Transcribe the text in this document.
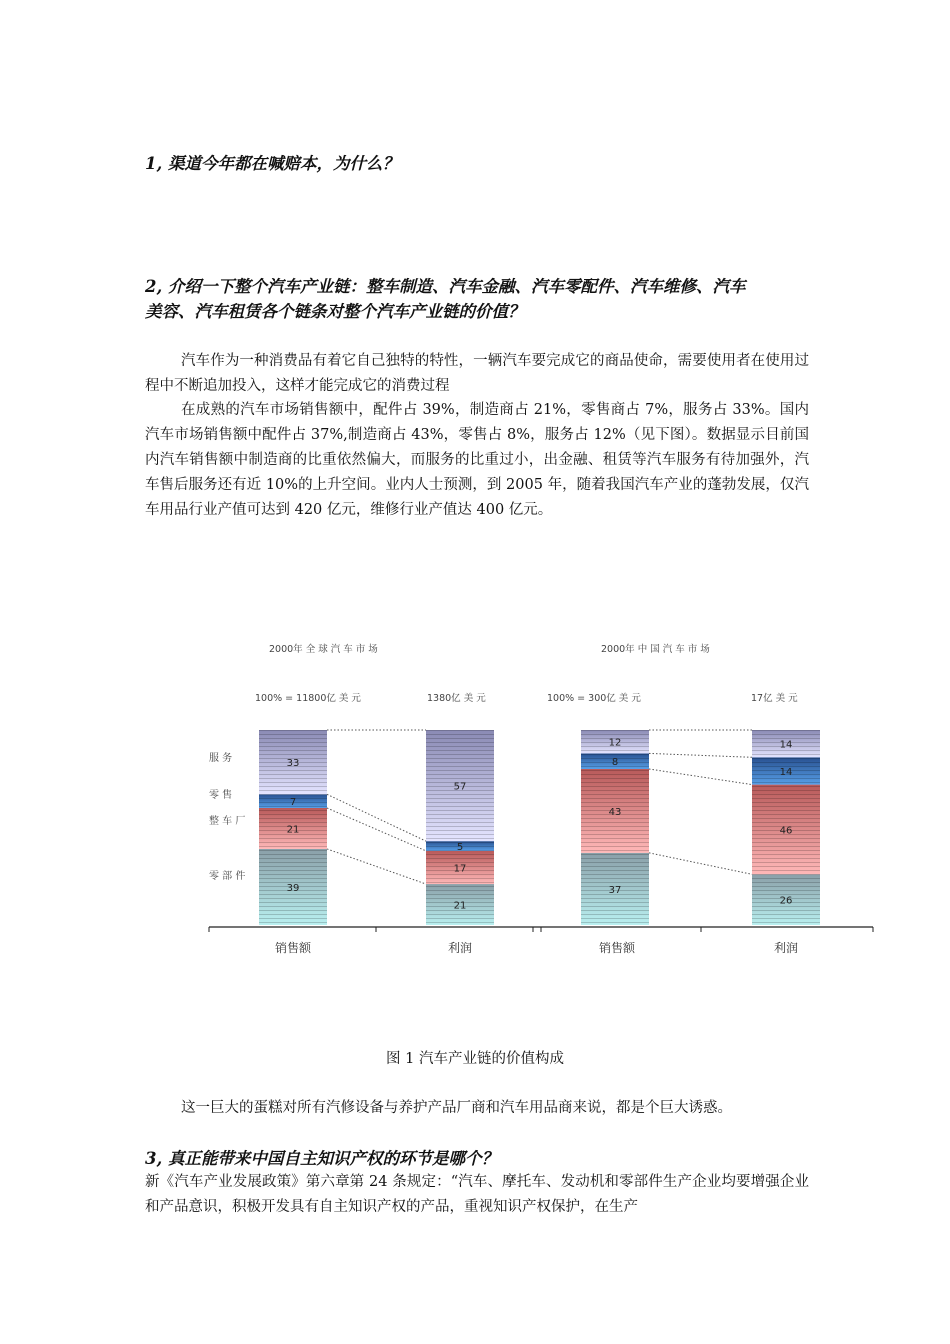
1, 渠道今年都在喊赔本，为什么？

2, 介绍一下整个汽车产业链：整车制造、汽车金融、汽车零配件、汽车维修、汽车
美容、汽车租赁各个链条对整个汽车产业链的价值？

汽车作为一种消费品有着它自己独特的特性，一辆汽车要完成它的商品使命，需要使用者在使用过程中不断追加投入，这样才能完成它的消费过程

在成熟的汽车市场销售额中，配件占 39%，制造商占 21%，零售商占 7%，服务占 33%。国内汽车市场销售额中配件占 37%,制造商占 43%，零售占 8%，服务占 12%（见下图）。数据显示目前国内汽车销售额中制造商的比重依然偏大，而服务的比重过小，出金融、租赁等汽车服务有待加强外，汽车售后服务还有近 10%的上升空间。业内人士预测，到 2005 年，随着我国汽车产业的蓬勃发展，仅汽车用品行业产值可达到 420 亿元，维修行业产值达 400 亿元。

服 务
零 售
整 车 厂
零 部 件
2000年 全 球 汽 车 市 场
100% = 11800亿 美 元
39
21
7
33
1380亿 美 元
21
17
5
57
2000年 中 国 汽 车 市 场
100% = 300亿 美 元
37
43
8
12
17亿 美 元
26
46
14
14
销售额	利润	销售额	利润
图 1 汽车产业链的价值构成

这一巨大的蛋糕对所有汽修设备与养护产品厂商和汽车用品商来说，都是个巨大诱惑。

3, 真正能带来中国自主知识产权的环节是哪个？

新《汽车产业发展政策》第六章第 24 条规定：“汽车、摩托车、发动机和零部件生产企业均要增强企业和产品意识，积极开发具有自主知识产权的产品，重视知识产权保护，在生产
